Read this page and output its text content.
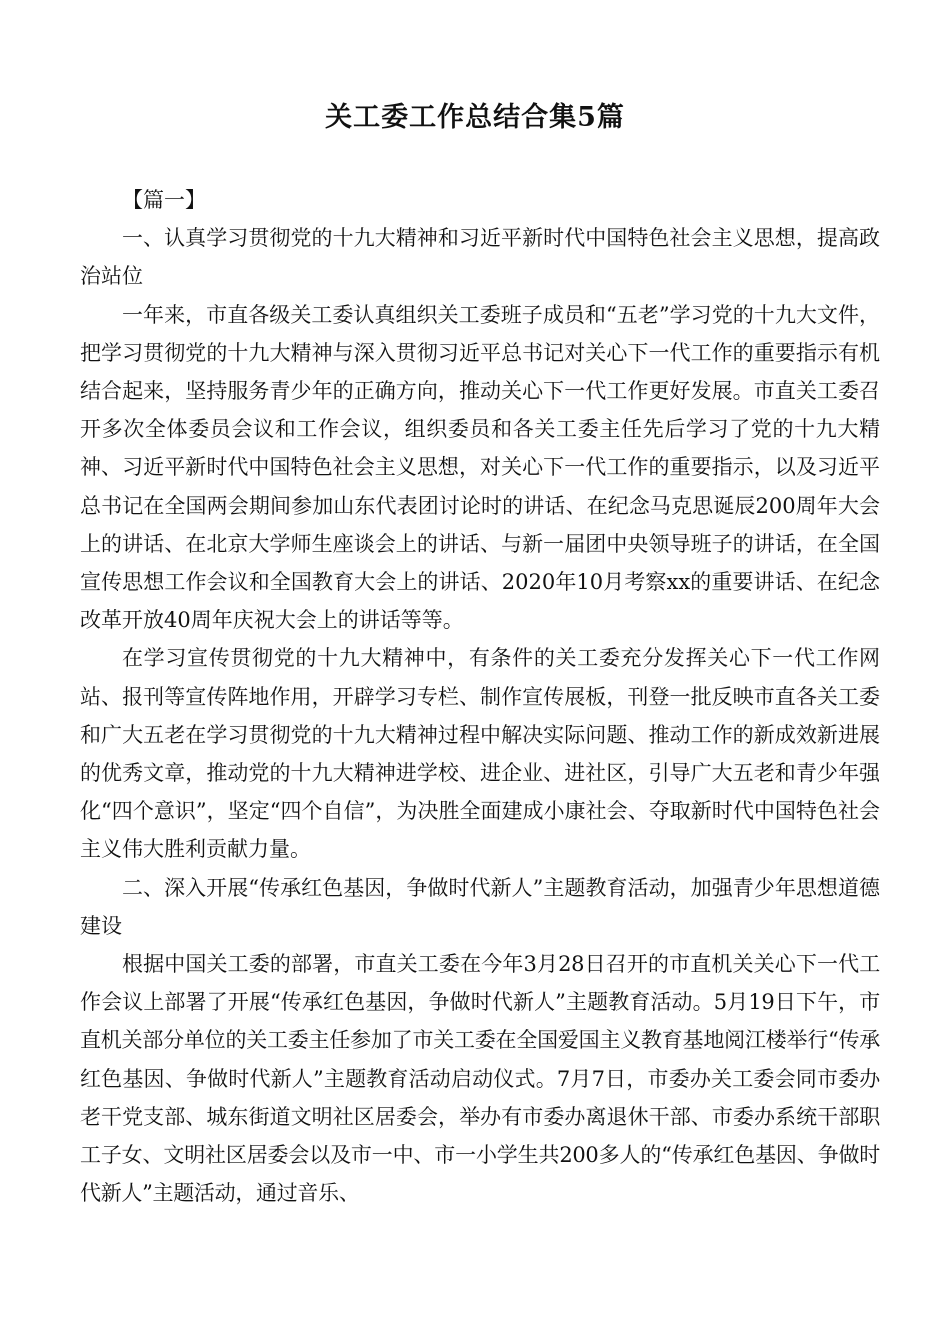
关工委工作总结合集5篇

【篇一】

一、认真学习贯彻党的十九大精神和习近平新时代中国特色社会主义思想，提高政治站位

一年来，市直各级关工委认真组织关工委班子成员和“五老”学习党的十九大文件，把学习贯彻党的十九大精神与深入贯彻习近平总书记对关心下一代工作的重要指示有机结合起来，坚持服务青少年的正确方向，推动关心下一代工作更好发展。市直关工委召开多次全体委员会议和工作会议，组织委员和各关工委主任先后学习了党的十九大精神、习近平新时代中国特色社会主义思想，对关心下一代工作的重要指示，以及习近平总书记在全国两会期间参加山东代表团讨论时的讲话、在纪念马克思诞辰200周年大会上的讲话、在北京大学师生座谈会上的讲话、与新一届团中央领导班子的讲话，在全国宣传思想工作会议和全国教育大会上的讲话、2020年10月考察xx的重要讲话、在纪念改革开放40周年庆祝大会上的讲话等等。

在学习宣传贯彻党的十九大精神中，有条件的关工委充分发挥关心下一代工作网站、报刊等宣传阵地作用，开辟学习专栏、制作宣传展板，刊登一批反映市直各关工委和广大五老在学习贯彻党的十九大精神过程中解决实际问题、推动工作的新成效新进展的优秀文章，推动党的十九大精神进学校、进企业、进社区，引导广大五老和青少年强化“四个意识”，坚定“四个自信”，为决胜全面建成小康社会、夺取新时代中国特色社会主义伟大胜利贡献力量。

二、深入开展“传承红色基因，争做时代新人”主题教育活动，加强青少年思想道德建设

根据中国关工委的部署，市直关工委在今年3月28日召开的市直机关关心下一代工作会议上部署了开展“传承红色基因，争做时代新人”主题教育活动。5月19日下午，市直机关部分单位的关工委主任参加了市关工委在全国爱国主义教育基地阅江楼举行“传承红色基因、争做时代新人”主题教育活动启动仪式。7月7日，市委办关工委会同市委办老干党支部、城东街道文明社区居委会，举办有市委办离退休干部、市委办系统干部职工子女、文明社区居委会以及市一中、市一小学生共200多人的“传承红色基因、争做时代新人”主题活动，通过音乐、
